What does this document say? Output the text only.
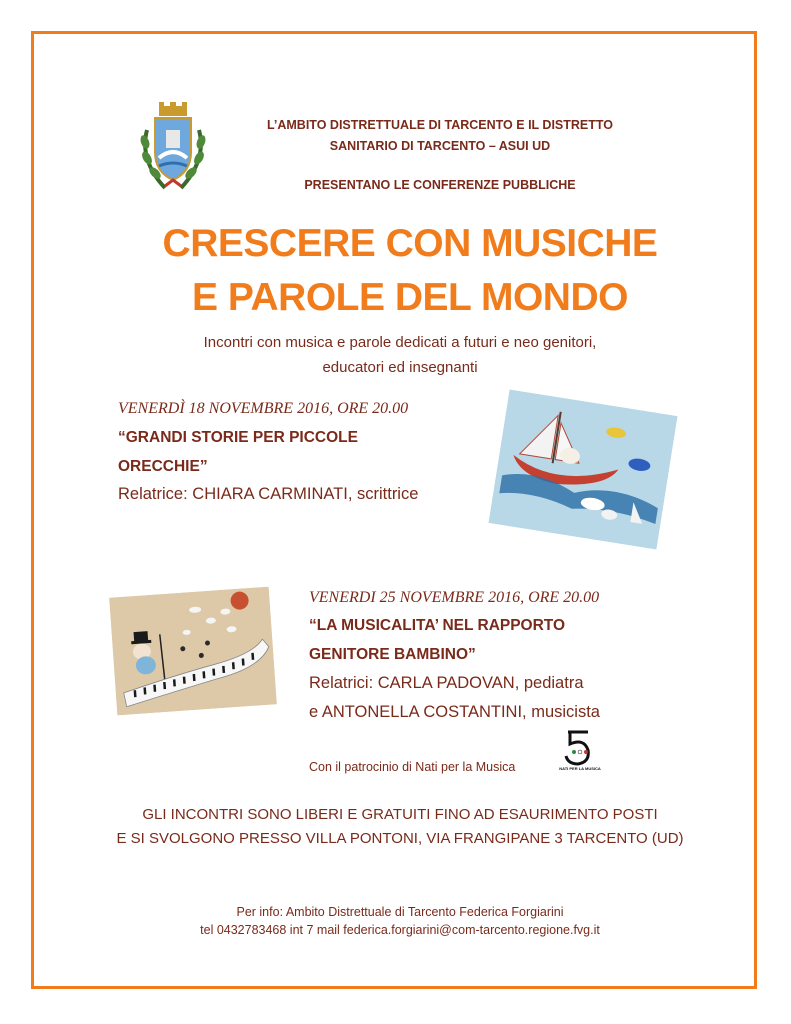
L’AMBITO DISTRETTUALE DI TARCENTO E IL DISTRETTO
SANITARIO DI TARCENTO – ASUI UD
PRESENTANO LE CONFERENZE PUBBLICHE
CRESCERE CON MUSICHE
E PAROLE DEL MONDO
Incontri con musica e parole dedicati a futuri e neo genitori,
educatori ed insegnanti
VENERDÌ 18 NOVEMBRE 2016, ORE 20.00
“GRANDI STORIE PER PICCOLE
ORECCHIE”
Relatrice: CHIARA CARMINATI, scrittrice
VENERDI 25 NOVEMBRE 2016, ORE 20.00
“LA MUSICALITA’ NEL RAPPORTO
GENITORE BAMBINO”
Relatrici: CARLA PADOVAN, pediatra
e ANTONELLA COSTANTINI, musicista
Con il patrocinio di Nati per la Musica	NATI PER LA MUSICA
GLI INCONTRI SONO LIBERI E GRATUITI FINO AD ESAURIMENTO POSTI
E SI SVOLGONO PRESSO VILLA PONTONI, VIA FRANGIPANE 3 TARCENTO (UD)
Per info: Ambito Distrettuale di Tarcento Federica Forgiarini
tel 0432783468 int 7 mail federica.forgiarini@com-tarcento.regione.fvg.it
